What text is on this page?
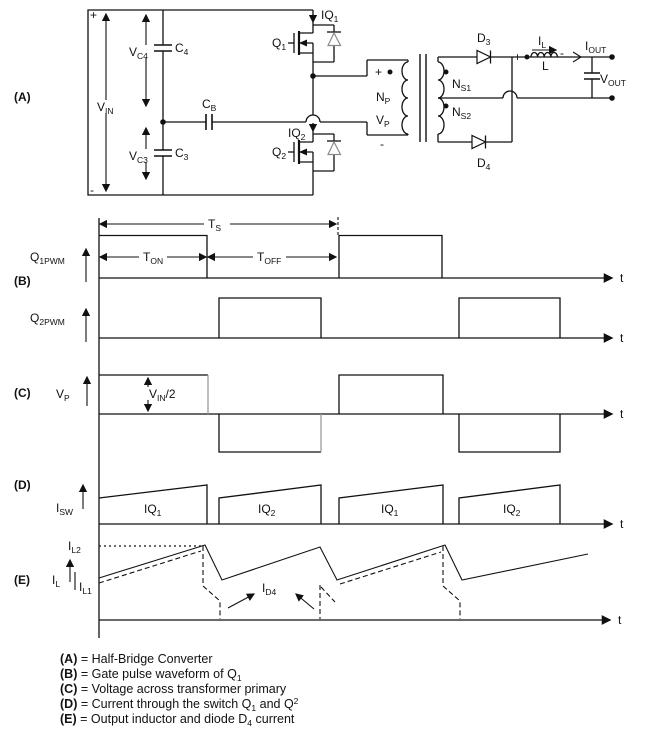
(A)
+
-
$V_{IN}$
$C_4$
$C_3$
$V_{C4}$
$V_{C3}$
$C_B$
$Q_1$
$IQ_1$
$Q_2$
$IQ_2$
+
$N_P$
$V_P$
-
$N_{S1}$
$N_{S2}$
$D_3$
$D_4$
+
L
-
$I_L$	$I_{OUT}$
$V_{OUT}$
t
$T_S$
$T_{ON}$	$T_{OFF}$
$Q_{1PWM}$
(B)
t
$Q_{2PWM}$
t
$V_{IN}/2$
$V_P$
(C)
t
$IQ_1$	$IQ_2$	$IQ_1$	$IQ_2$
$I_{SW}$
(D)
t
$I_{D4}$
$I_{L2}$
$I_L$ $I_{L1}$
(E)
(A) = Half-Bridge Converter
(B) = Gate pulse waveform of $Q_1$
(C) = Voltage across transformer primary
(D) = Current through the switch $Q_1$ and $Q^2$
(E) = Output inductor and diode $D_4$ current
